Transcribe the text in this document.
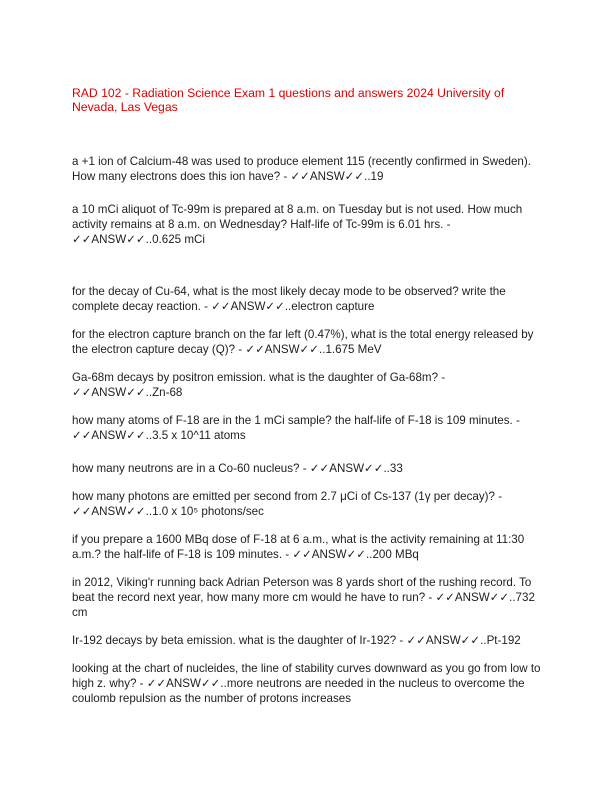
RAD 102 - Radiation Science Exam 1 questions and answers 2024 University of Nevada, Las Vegas

a +1 ion of Calcium-48 was used to produce element 115 (recently confirmed in Sweden). How many electrons does this ion have? - ✓✓ANSW✓✓..19

a 10 mCi aliquot of Tc-99m is prepared at 8 a.m. on Tuesday but is not used. How much activity remains at 8 a.m. on Wednesday? Half-life of Tc-99m is 6.01 hrs. - ✓✓ANSW✓✓..0.625 mCi

for the decay of Cu-64, what is the most likely decay mode to be observed? write the complete decay reaction. - ✓✓ANSW✓✓..electron capture

for the electron capture branch on the far left (0.47%), what is the total energy released by the electron capture decay (Q)? - ✓✓ANSW✓✓..1.675 MeV

Ga-68m decays by positron emission. what is the daughter of Ga-68m? - ✓✓ANSW✓✓..Zn-68

how many atoms of F-18 are in the 1 mCi sample? the half-life of F-18 is 109 minutes. - ✓✓ANSW✓✓..3.5 x 10^11 atoms

how many neutrons are in a Co-60 nucleus? - ✓✓ANSW✓✓..33

how many photons are emitted per second from 2.7 μCi of Cs-137 (1γ per decay)? - ✓✓ANSW✓✓..1.0 x 10⁵ photons/sec

if you prepare a 1600 MBq dose of F-18 at 6 a.m., what is the activity remaining at 11:30 a.m.? the half-life of F-18 is 109 minutes. - ✓✓ANSW✓✓..200 MBq

in 2012, Viking'r running back Adrian Peterson was 8 yards short of the rushing record. To beat the record next year, how many more cm would he have to run? - ✓✓ANSW✓✓..732 cm

Ir-192 decays by beta emission. what is the daughter of Ir-192? - ✓✓ANSW✓✓..Pt-192

looking at the chart of nucleides, the line of stability curves downward as you go from low to high z. why? - ✓✓ANSW✓✓..more neutrons are needed in the nucleus to overcome the coulomb repulsion as the number of protons increases
